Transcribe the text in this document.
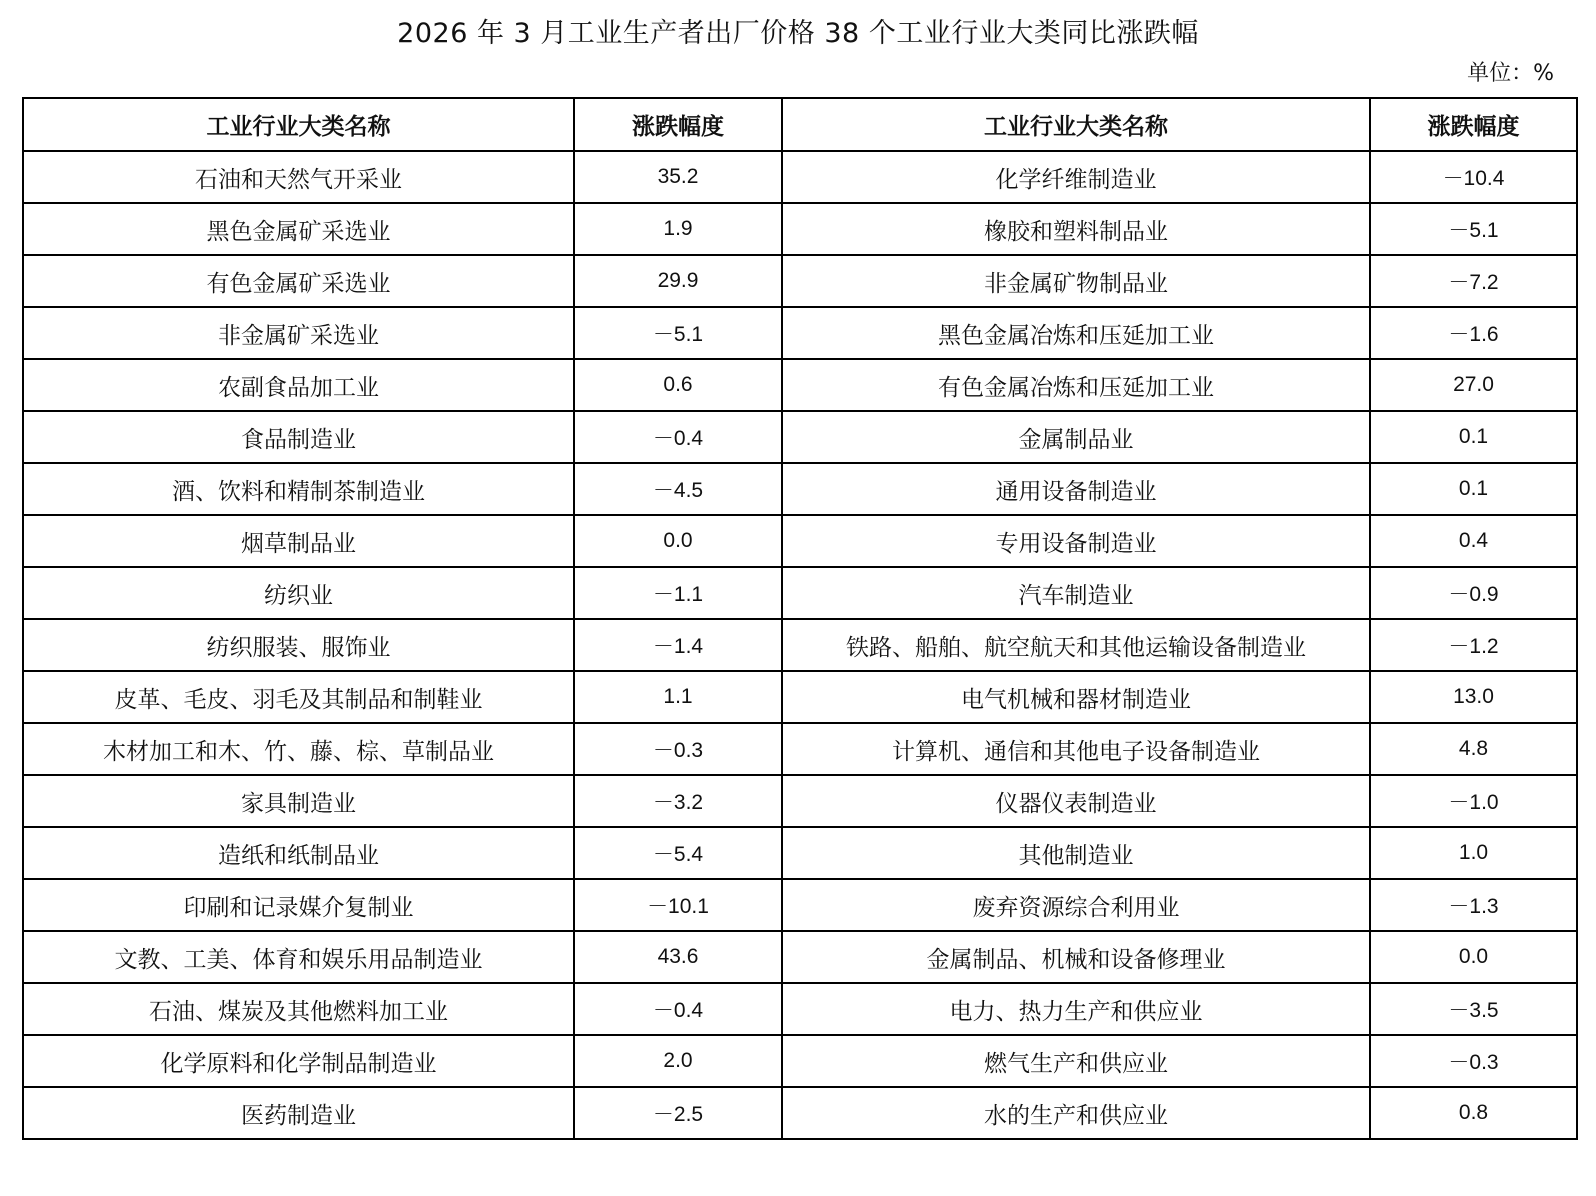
2026 年 3 月工业生产者出厂价格 38 个工业行业大类同比涨跌幅
单位：%
工业行业大类名称	涨跌幅度	工业行业大类名称	涨跌幅度
石油和天然气开采业	35.2	化学纤维制造业	－10.4
黑色金属矿采选业	1.9	橡胶和塑料制品业	－5.1
有色金属矿采选业	29.9	非金属矿物制品业	－7.2
非金属矿采选业	－5.1	黑色金属冶炼和压延加工业	－1.6
农副食品加工业	0.6	有色金属冶炼和压延加工业	27.0
食品制造业	－0.4	金属制品业	0.1
酒、饮料和精制茶制造业	－4.5	通用设备制造业	0.1
烟草制品业	0.0	专用设备制造业	0.4
纺织业	－1.1	汽车制造业	－0.9
纺织服装、服饰业	－1.4	铁路、船舶、航空航天和其他运输设备制造业	－1.2
皮革、毛皮、羽毛及其制品和制鞋业	1.1	电气机械和器材制造业	13.0
木材加工和木、竹、藤、棕、草制品业	－0.3	计算机、通信和其他电子设备制造业	4.8
家具制造业	－3.2	仪器仪表制造业	－1.0
造纸和纸制品业	－5.4	其他制造业	1.0
印刷和记录媒介复制业	－10.1	废弃资源综合利用业	－1.3
文教、工美、体育和娱乐用品制造业	43.6	金属制品、机械和设备修理业	0.0
石油、煤炭及其他燃料加工业	－0.4	电力、热力生产和供应业	－3.5
化学原料和化学制品制造业	2.0	燃气生产和供应业	－0.3
医药制造业	－2.5	水的生产和供应业	0.8
